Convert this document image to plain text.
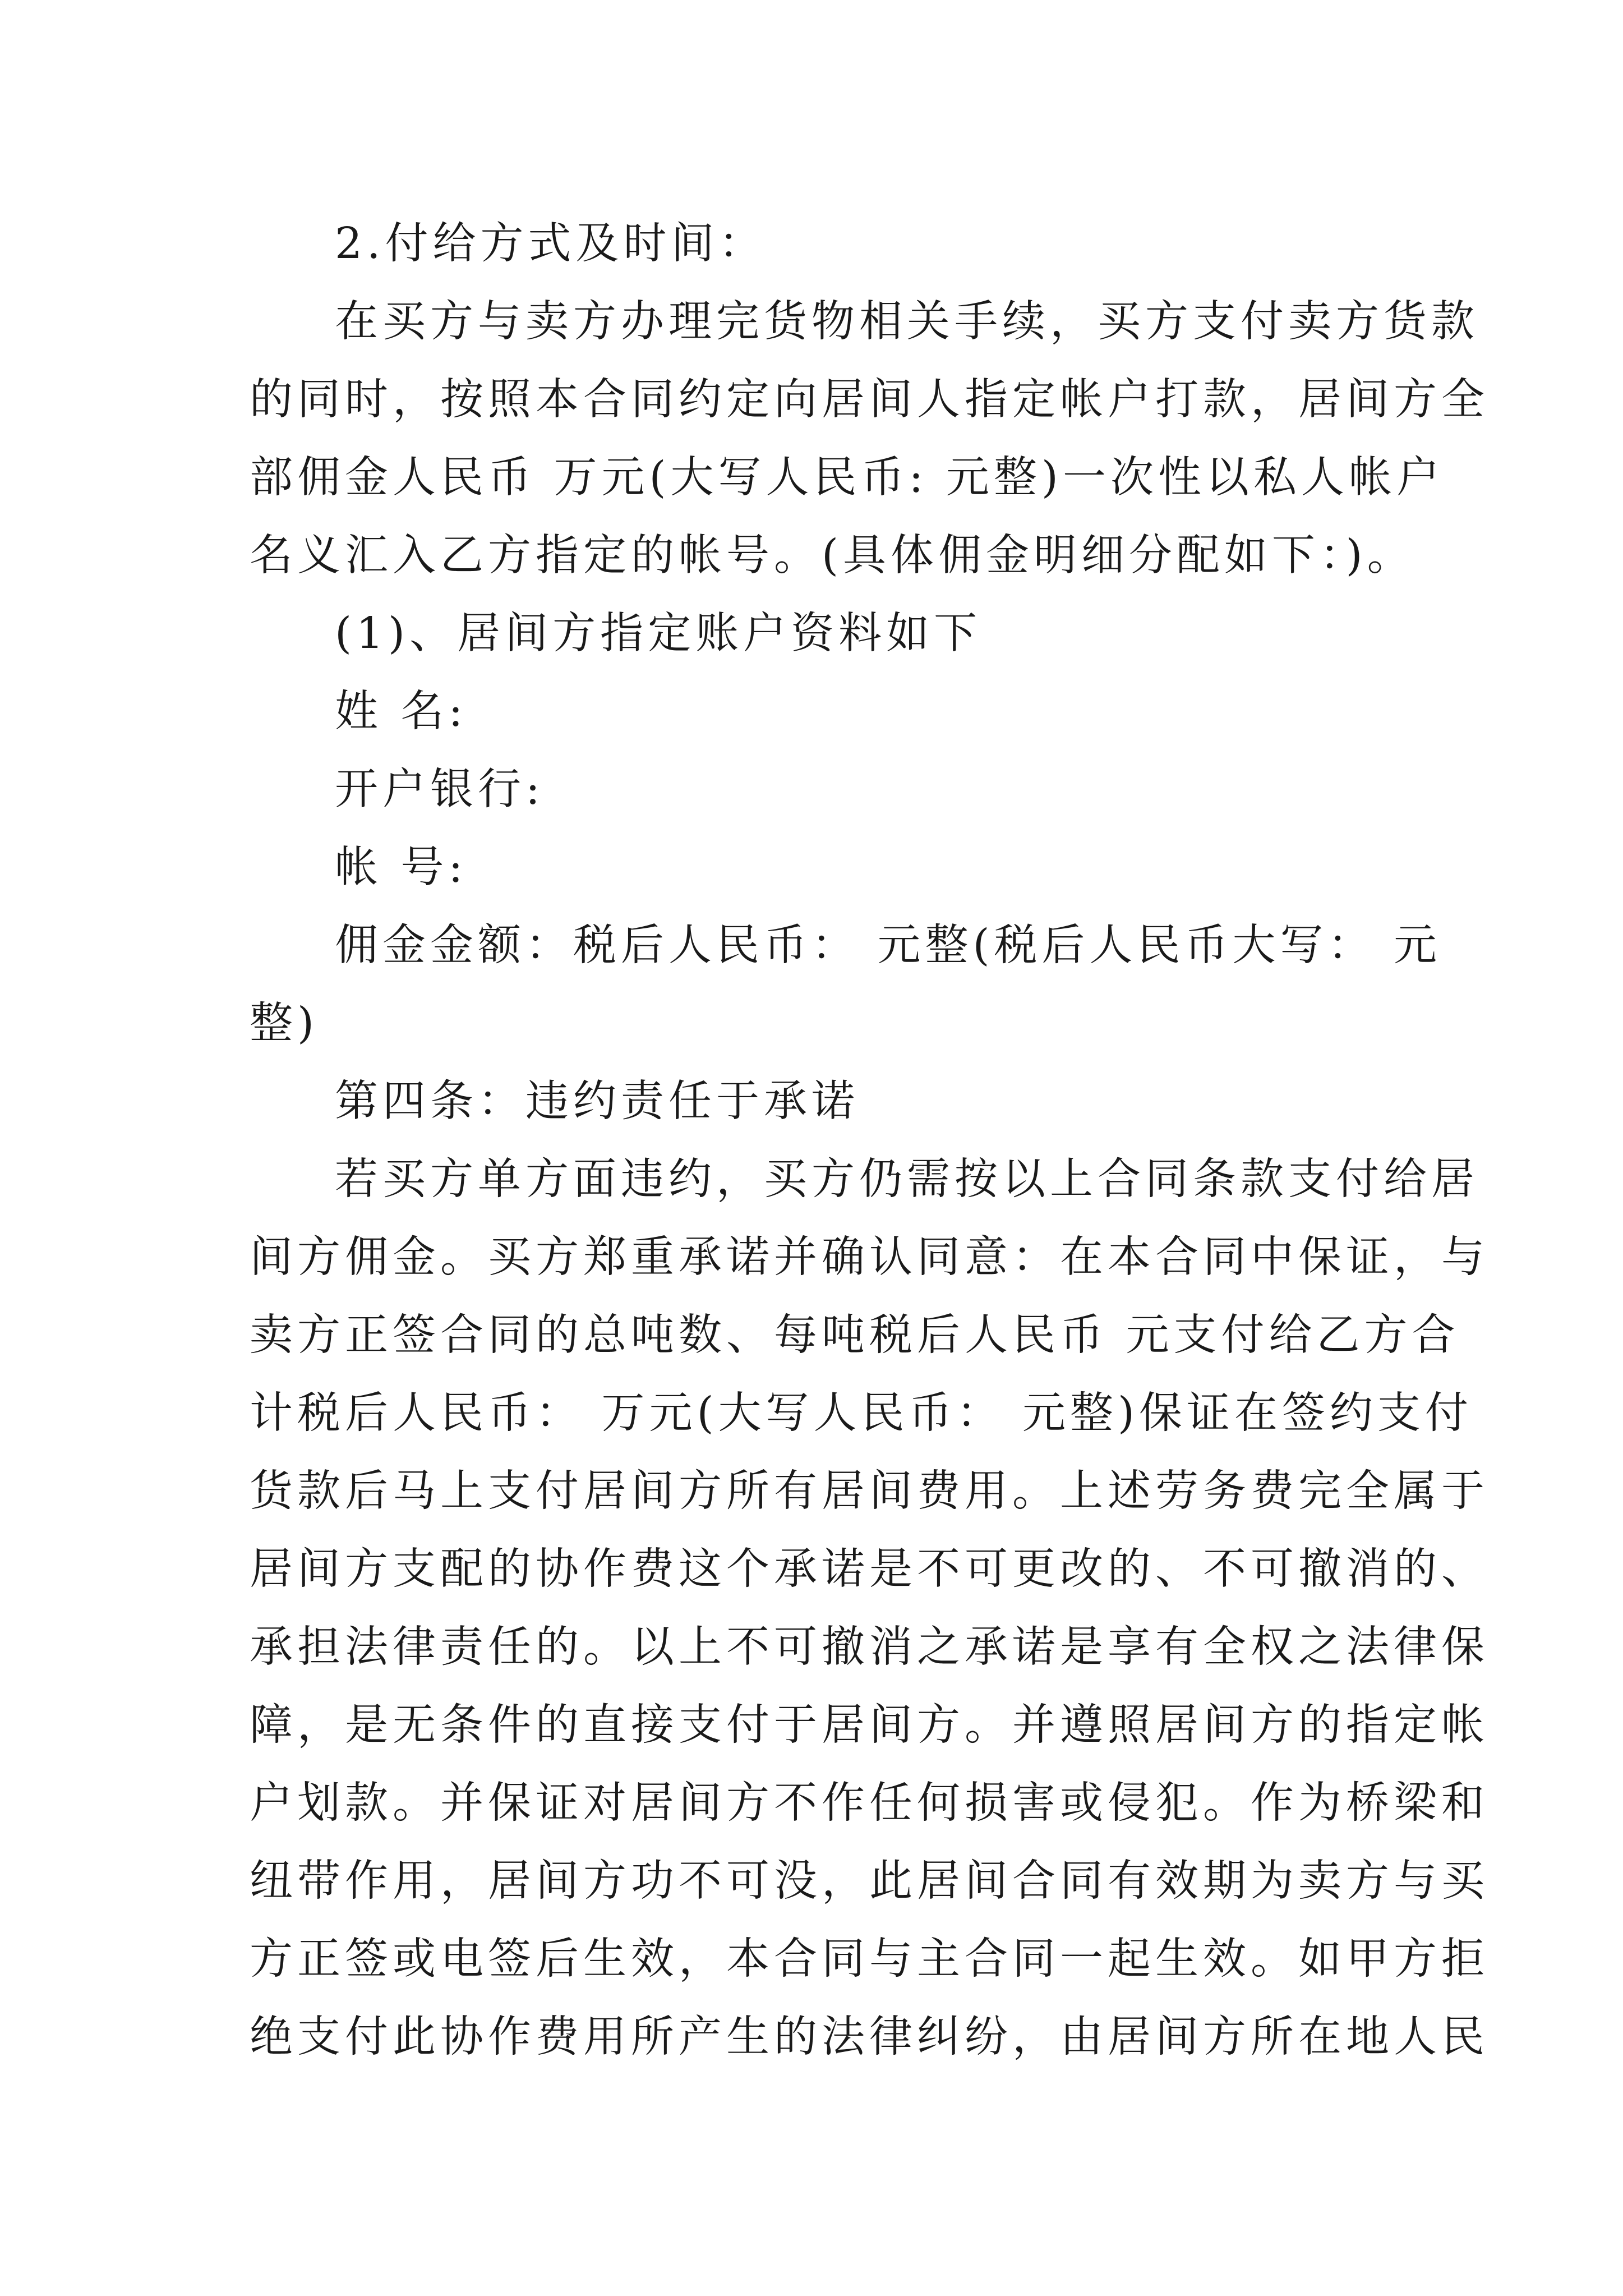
2.付给方式及时间：
在买方与卖方办理完货物相关手续，买方支付卖方货款
的同时，按照本合同约定向居间人指定帐户打款，居间方全
部佣金人民币 万元(大写人民币: 元整)一次性以私人帐户
名义汇入乙方指定的帐号。(具体佣金明细分配如下：)。
(1)、居间方指定账户资料如下
姓 名:
开户银行:
帐 号:
佣金金额：税后人民币： 元整(税后人民币大写： 元
整)
第四条：违约责任于承诺
若买方单方面违约，买方仍需按以上合同条款支付给居
间方佣金。买方郑重承诺并确认同意：在本合同中保证，与
卖方正签合同的总吨数、每吨税后人民币 元支付给乙方合
计税后人民币： 万元(大写人民币： 元整)保证在签约支付
货款后马上支付居间方所有居间费用。上述劳务费完全属于
居间方支配的协作费这个承诺是不可更改的、不可撤消的、
承担法律责任的。以上不可撤消之承诺是享有全权之法律保
障，是无条件的直接支付于居间方。并遵照居间方的指定帐
户划款。并保证对居间方不作任何损害或侵犯。作为桥梁和
纽带作用，居间方功不可没，此居间合同有效期为卖方与买
方正签或电签后生效，本合同与主合同一起生效。如甲方拒
绝支付此协作费用所产生的法律纠纷，由居间方所在地人民
